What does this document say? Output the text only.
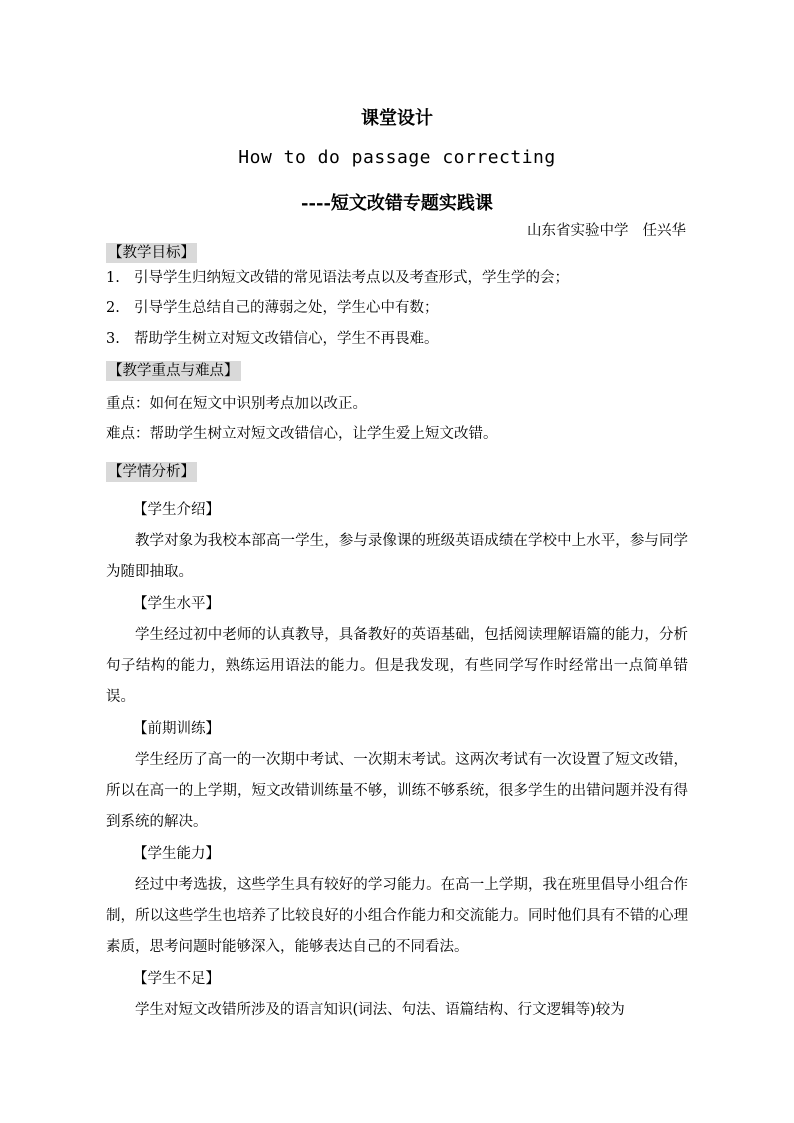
课堂设计
How to do passage correcting
----短文改错专题实践课
山东省实验中学 任兴华
【教学目标】
1. 引导学生归纳短文改错的常见语法考点以及考查形式，学生学的会；
2. 引导学生总结自己的薄弱之处，学生心中有数；
3. 帮助学生树立对短文改错信心，学生不再畏难。
【教学重点与难点】
重点：如何在短文中识别考点加以改正。
难点：帮助学生树立对短文改错信心，让学生爱上短文改错。
【学情分析】
【学生介绍】
教学对象为我校本部高一学生，参与录像课的班级英语成绩在学校中上水平，参与同学为随即抽取。
【学生水平】
学生经过初中老师的认真教导，具备教好的英语基础，包括阅读理解语篇的能力，分析句子结构的能力，熟练运用语法的能力。但是我发现，有些同学写作时经常出一点简单错误。
【前期训练】
学生经历了高一的一次期中考试、一次期末考试。这两次考试有一次设置了短文改错，所以在高一的上学期，短文改错训练量不够，训练不够系统，很多学生的出错问题并没有得到系统的解决。
【学生能力】
经过中考选拔，这些学生具有较好的学习能力。在高一上学期，我在班里倡导小组合作制，所以这些学生也培养了比较良好的小组合作能力和交流能力。同时他们具有不错的心理素质，思考问题时能够深入，能够表达自己的不同看法。
【学生不足】
学生对短文改错所涉及的语言知识(词法、句法、语篇结构、行文逻辑等)较为
